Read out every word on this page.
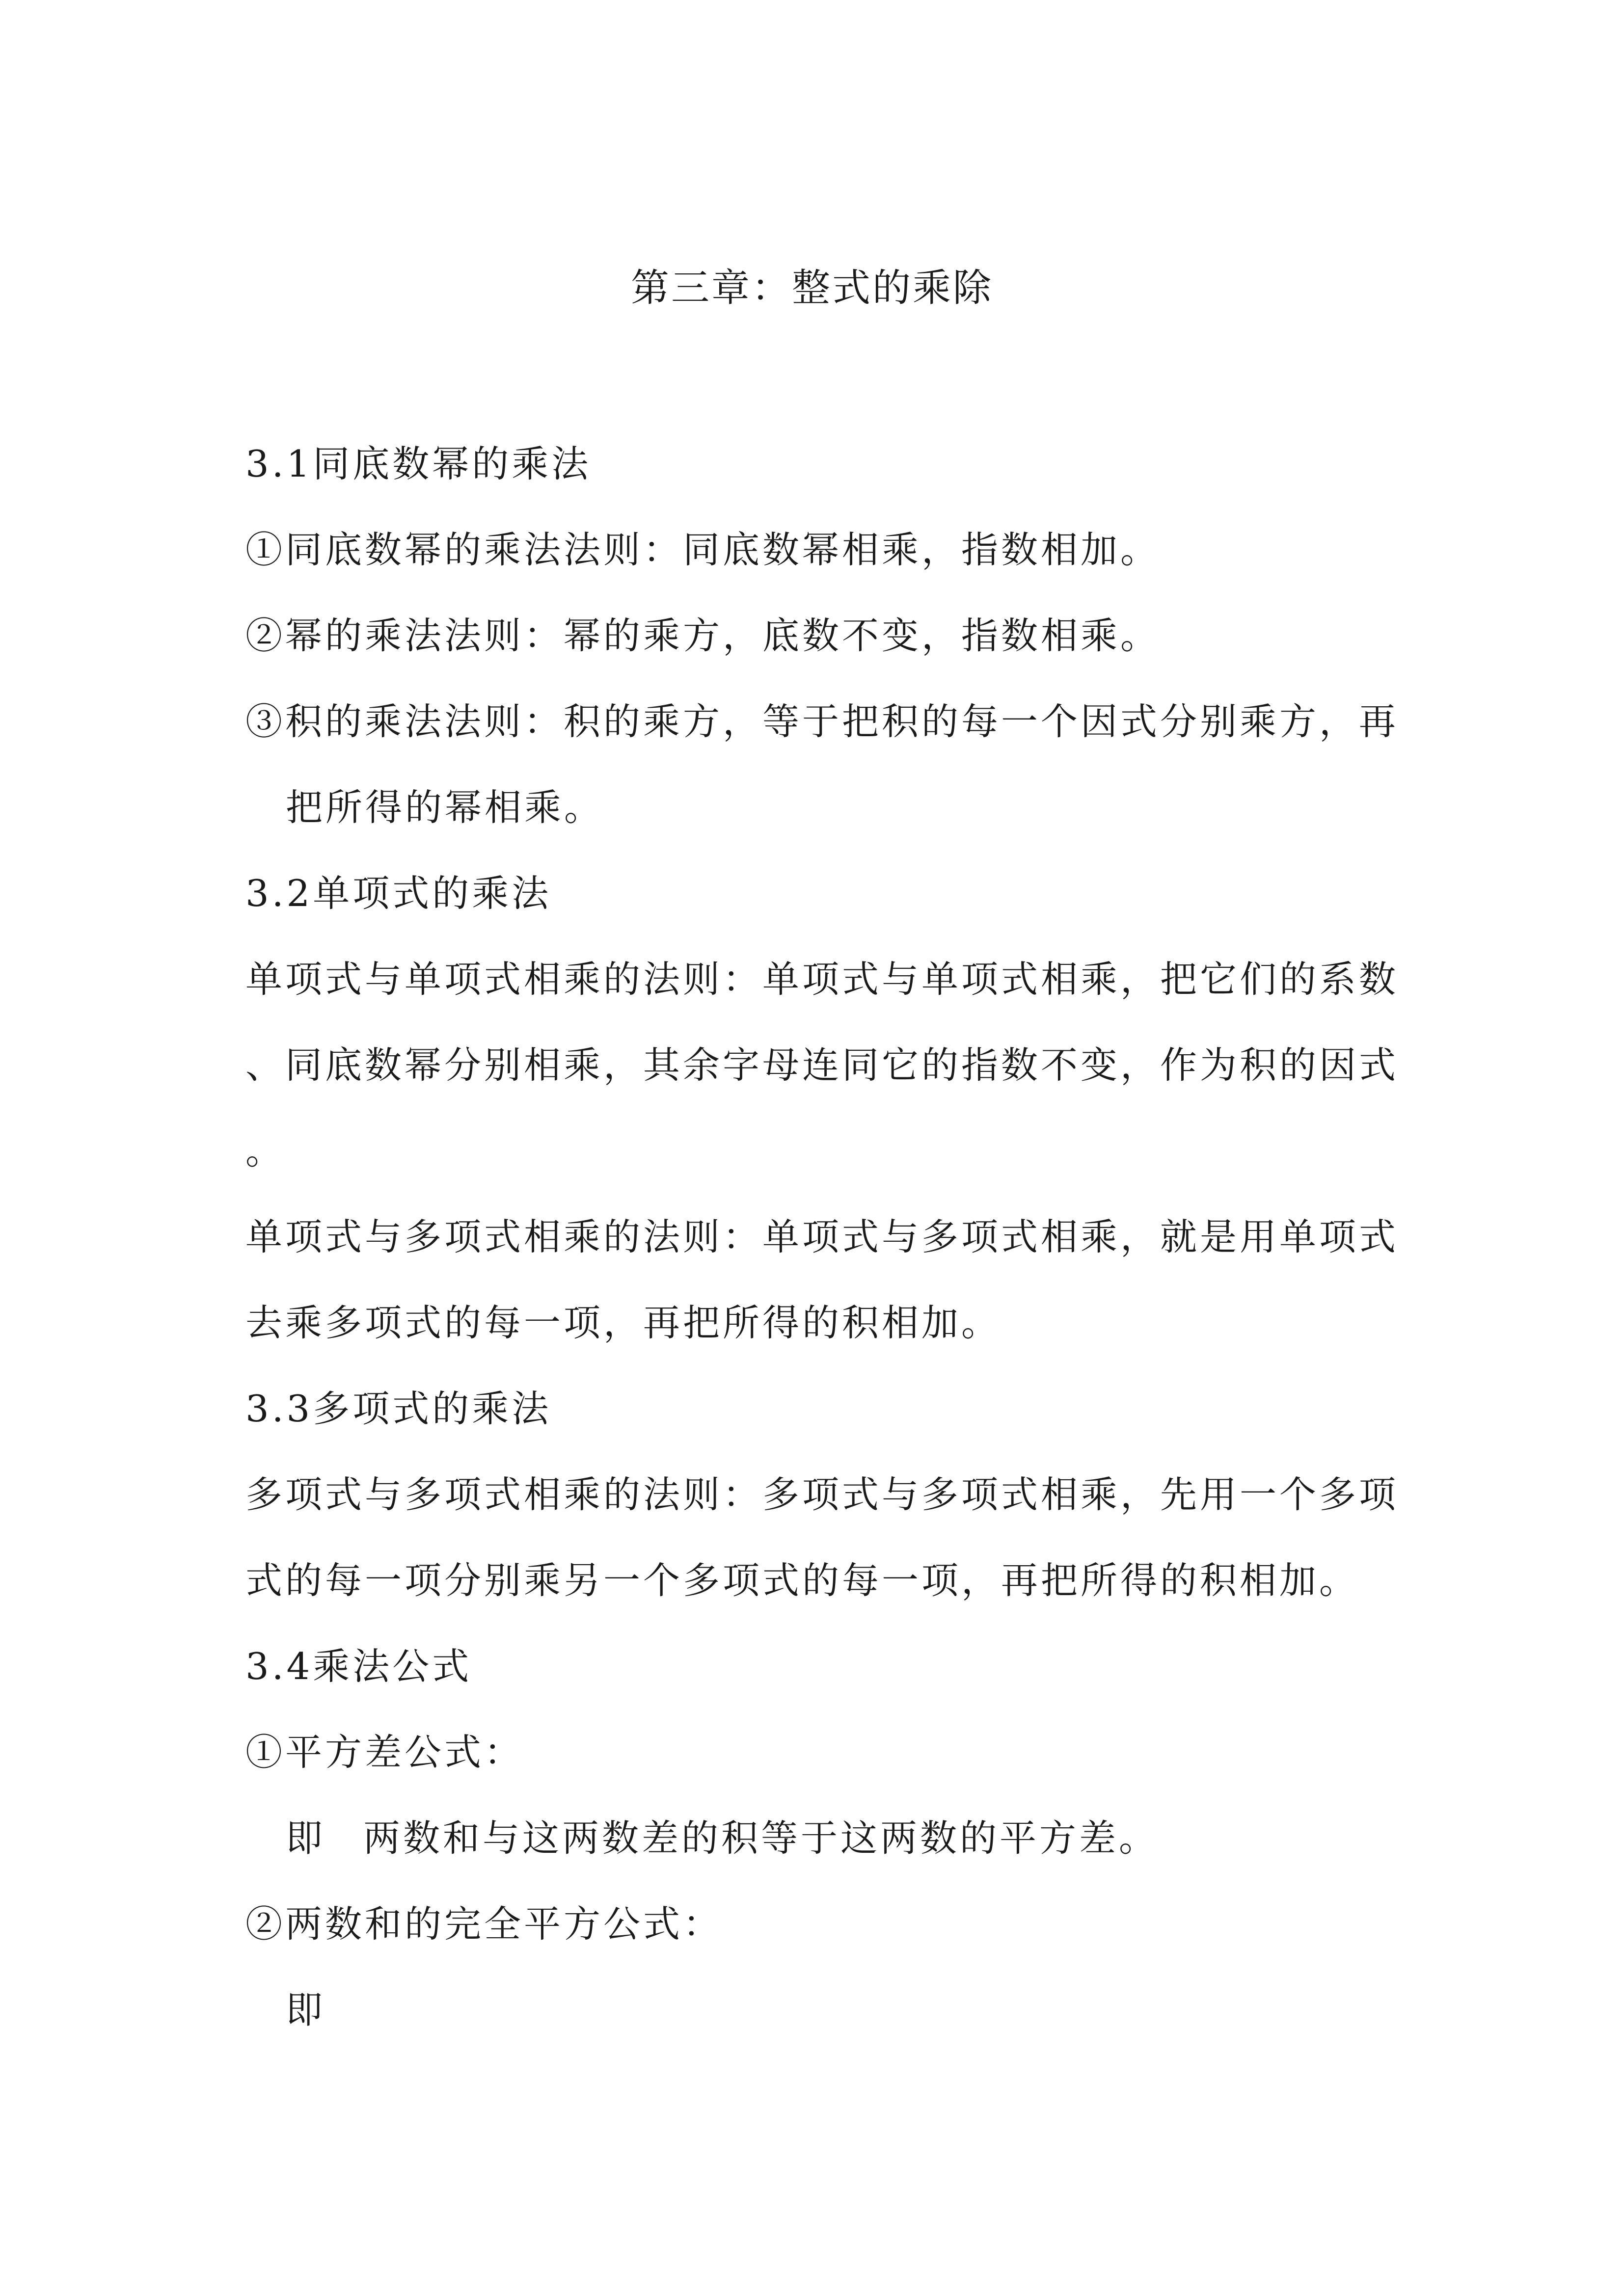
第三章：整式的乘除
3.1同底数幂的乘法
①同底数幂的乘法法则：同底数幂相乘，指数相加。
②幂的乘法法则：幂的乘方，底数不变，指数相乘。
③积的乘法法则：积的乘方，等于把积的每一个因式分别乘方，再
把所得的幂相乘。
3.2单项式的乘法
单项式与单项式相乘的法则：单项式与单项式相乘，把它们的系数
、同底数幂分别相乘，其余字母连同它的指数不变，作为积的因式
。
单项式与多项式相乘的法则：单项式与多项式相乘，就是用单项式
去乘多项式的每一项，再把所得的积相加。
3.3多项式的乘法
多项式与多项式相乘的法则：多项式与多项式相乘，先用一个多项
式的每一项分别乘另一个多项式的每一项，再把所得的积相加。
3.4乘法公式
①平方差公式：
即	两数和与这两数差的积等于这两数的平方差。
②两数和的完全平方公式：
即
